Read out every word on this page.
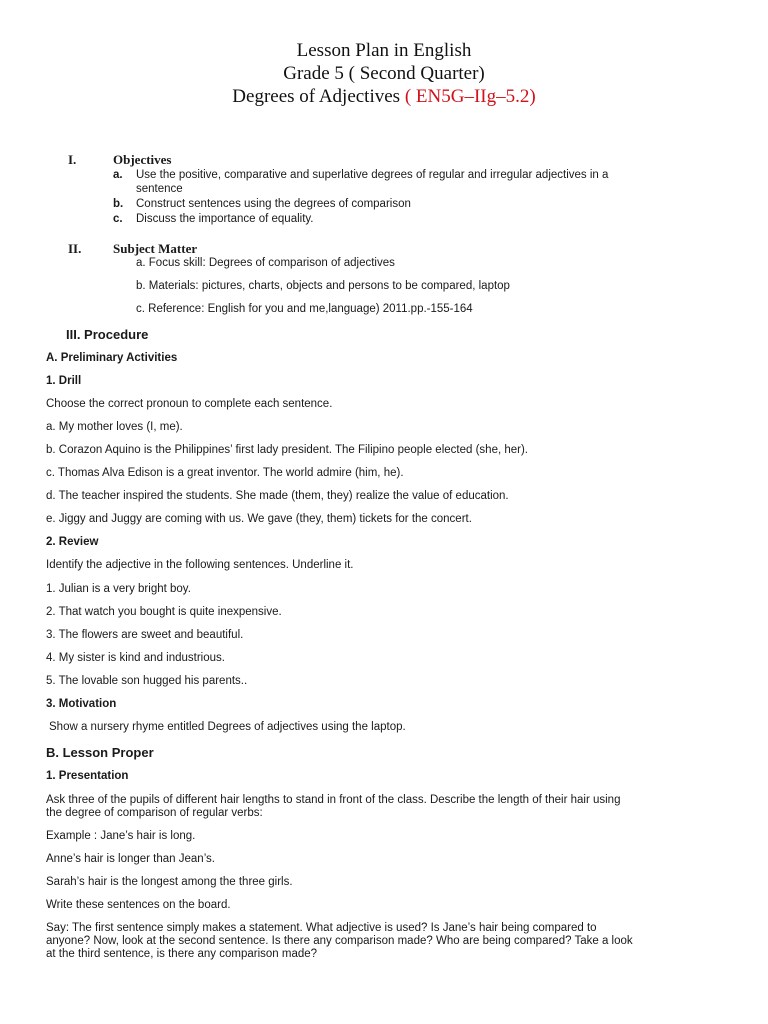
Lesson Plan in English
Grade 5 ( Second Quarter)
Degrees of Adjectives ( EN5G–IIg–5.2)
I.	Objectives
a. Use the positive, comparative and superlative degrees of regular and irregular adjectives in a
sentence
b. Construct sentences using the degrees of comparison
c. Discuss the importance of equality.
II. Subject Matter
a. Focus skill: Degrees of comparison of adjectives
b. Materials: pictures, charts, objects and persons to be compared, laptop
c. Reference: English for you and me,language) 2011.pp.-155-164
III. Procedure
A. Preliminary Activities
1. Drill
Choose the correct pronoun to complete each sentence.
a. My mother loves (I, me).
b. Corazon Aquino is the Philippines’ first lady president. The Filipino people elected (she, her).
c. Thomas Alva Edison is a great inventor. The world admire (him, he).
d. The teacher inspired the students. She made (them, they) realize the value of education.
e. Jiggy and Juggy are coming with us. We gave (they, them) tickets for the concert.
2. Review
Identify the adjective in the following sentences. Underline it.
1. Julian is a very bright boy.
2. That watch you bought is quite inexpensive.
3. The flowers are sweet and beautiful.
4. My sister is kind and industrious.
5. The lovable son hugged his parents..
3. Motivation
Show a nursery rhyme entitled Degrees of adjectives using the laptop.
B. Lesson Proper
1. Presentation
Ask three of the pupils of different hair lengths to stand in front of the class. Describe the length of their hair using
the degree of comparison of regular verbs:
Example : Jane’s hair is long.
Anne’s hair is longer than Jean’s.
Sarah’s hair is the longest among the three girls.
Write these sentences on the board.
Say: The first sentence simply makes a statement. What adjective is used? Is Jane’s hair being compared to
anyone? Now, look at the second sentence. Is there any comparison made? Who are being compared? Take a look
at the third sentence, is there any comparison made?
